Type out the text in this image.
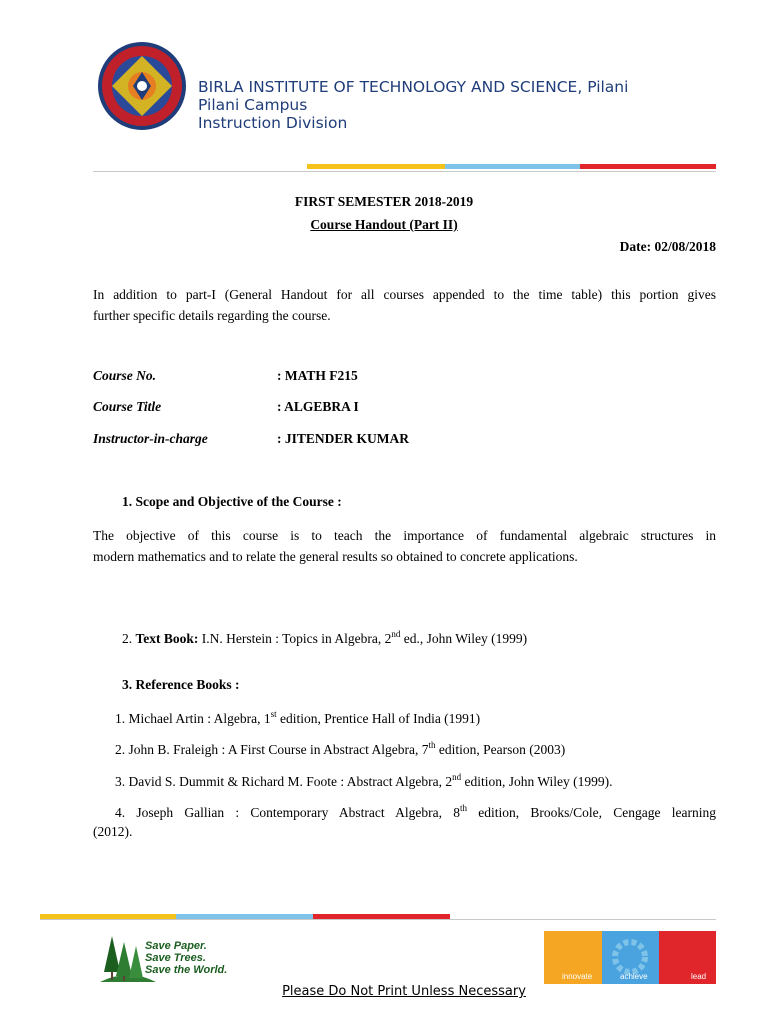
BIRLA INSTITUTE OF TECHNOLOGY AND SCIENCE, Pilani
Pilani Campus
Instruction Division
FIRST SEMESTER 2018-2019
Course Handout (Part II)
Date: 02/08/2018
In addition to part-I (General Handout for all courses appended to the time table) this portion gives
further specific details regarding the course.
Course No.	: MATH F215
Course Title	: ALGEBRA I
Instructor-in-charge	: JITENDER KUMAR
1. Scope and Objective of the Course :
The objective of this course is to teach the importance of fundamental algebraic structures in
modern mathematics and to relate the general results so obtained to concrete applications.
2. Text Book: I.N. Herstein : Topics in Algebra, 2nd ed., John Wiley (1999)
3. Reference Books :
1. Michael Artin : Algebra, 1st edition, Prentice Hall of India (1991)
2. John B. Fraleigh : A First Course in Abstract Algebra, 7th edition, Pearson (2003)
3. David S. Dummit & Richard M. Foote : Abstract Algebra, 2nd edition, John Wiley (1999).
4. Joseph Gallian : Contemporary Abstract Algebra, 8th edition, Brooks/Cole, Cengage learning
(2012).
Save Paper.
Save Trees.
Save the World.
innovate	achieve	lead
Please Do Not Print Unless Necessary
